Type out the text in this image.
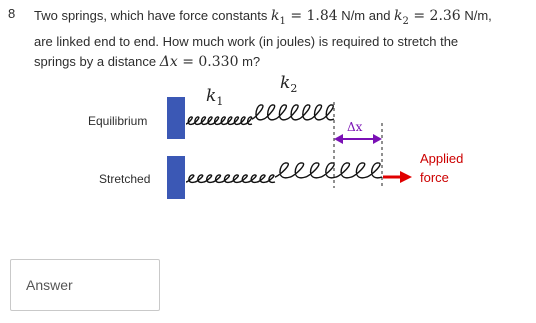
8 Two springs, which have force constants $k_1 = 1.84$ N/m and $k_2 = 2.36$ N/m,
are linked end to end. How much work (in joules) is required to stretch the
springs by a distance Δx = 0.330 m?
$k_1$
$k_2$
Δx
Equilibrium
Stretched
Applied
force
Answer
